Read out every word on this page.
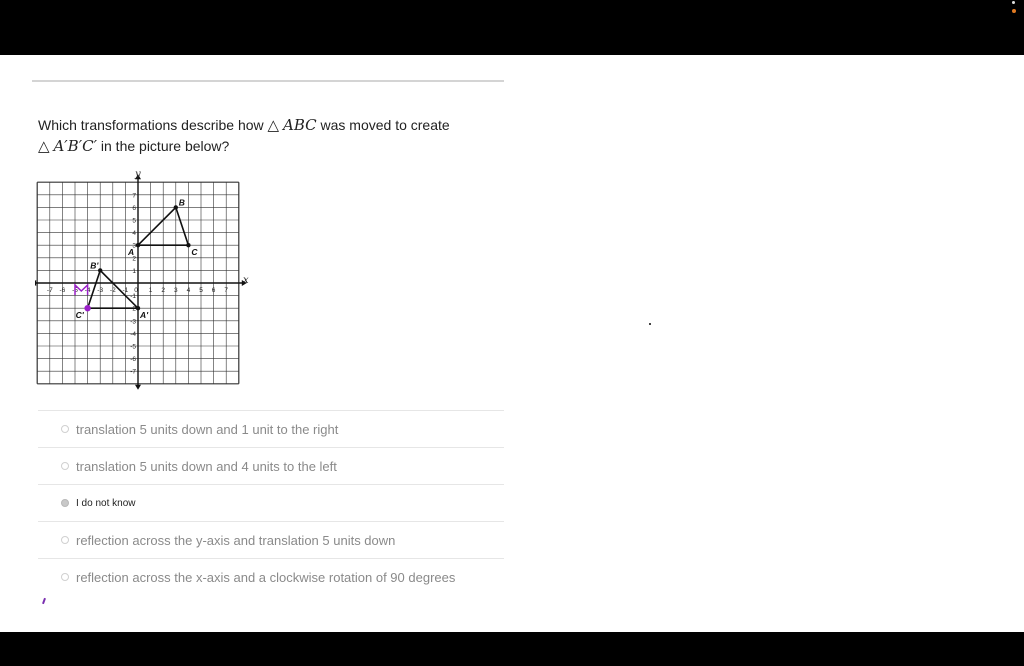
Which transformations describe how △ ABC was moved to create
△ A′B′C′ in the picture below?
-7 -6 -5 -4 -3 -2 -1 0 1 2 3 4 5 6 7
7
6
5
4
3
2
1
-1
-2
-3
-4
-5
-6
-7
A
B
C
A'
B'
C'
x
y
translation 5 units down and 1 unit to the right
translation 5 units down and 4 units to the left
I do not know
reflection across the y-axis and translation 5 units down
reflection across the x-axis and a clockwise rotation of 90 degrees
